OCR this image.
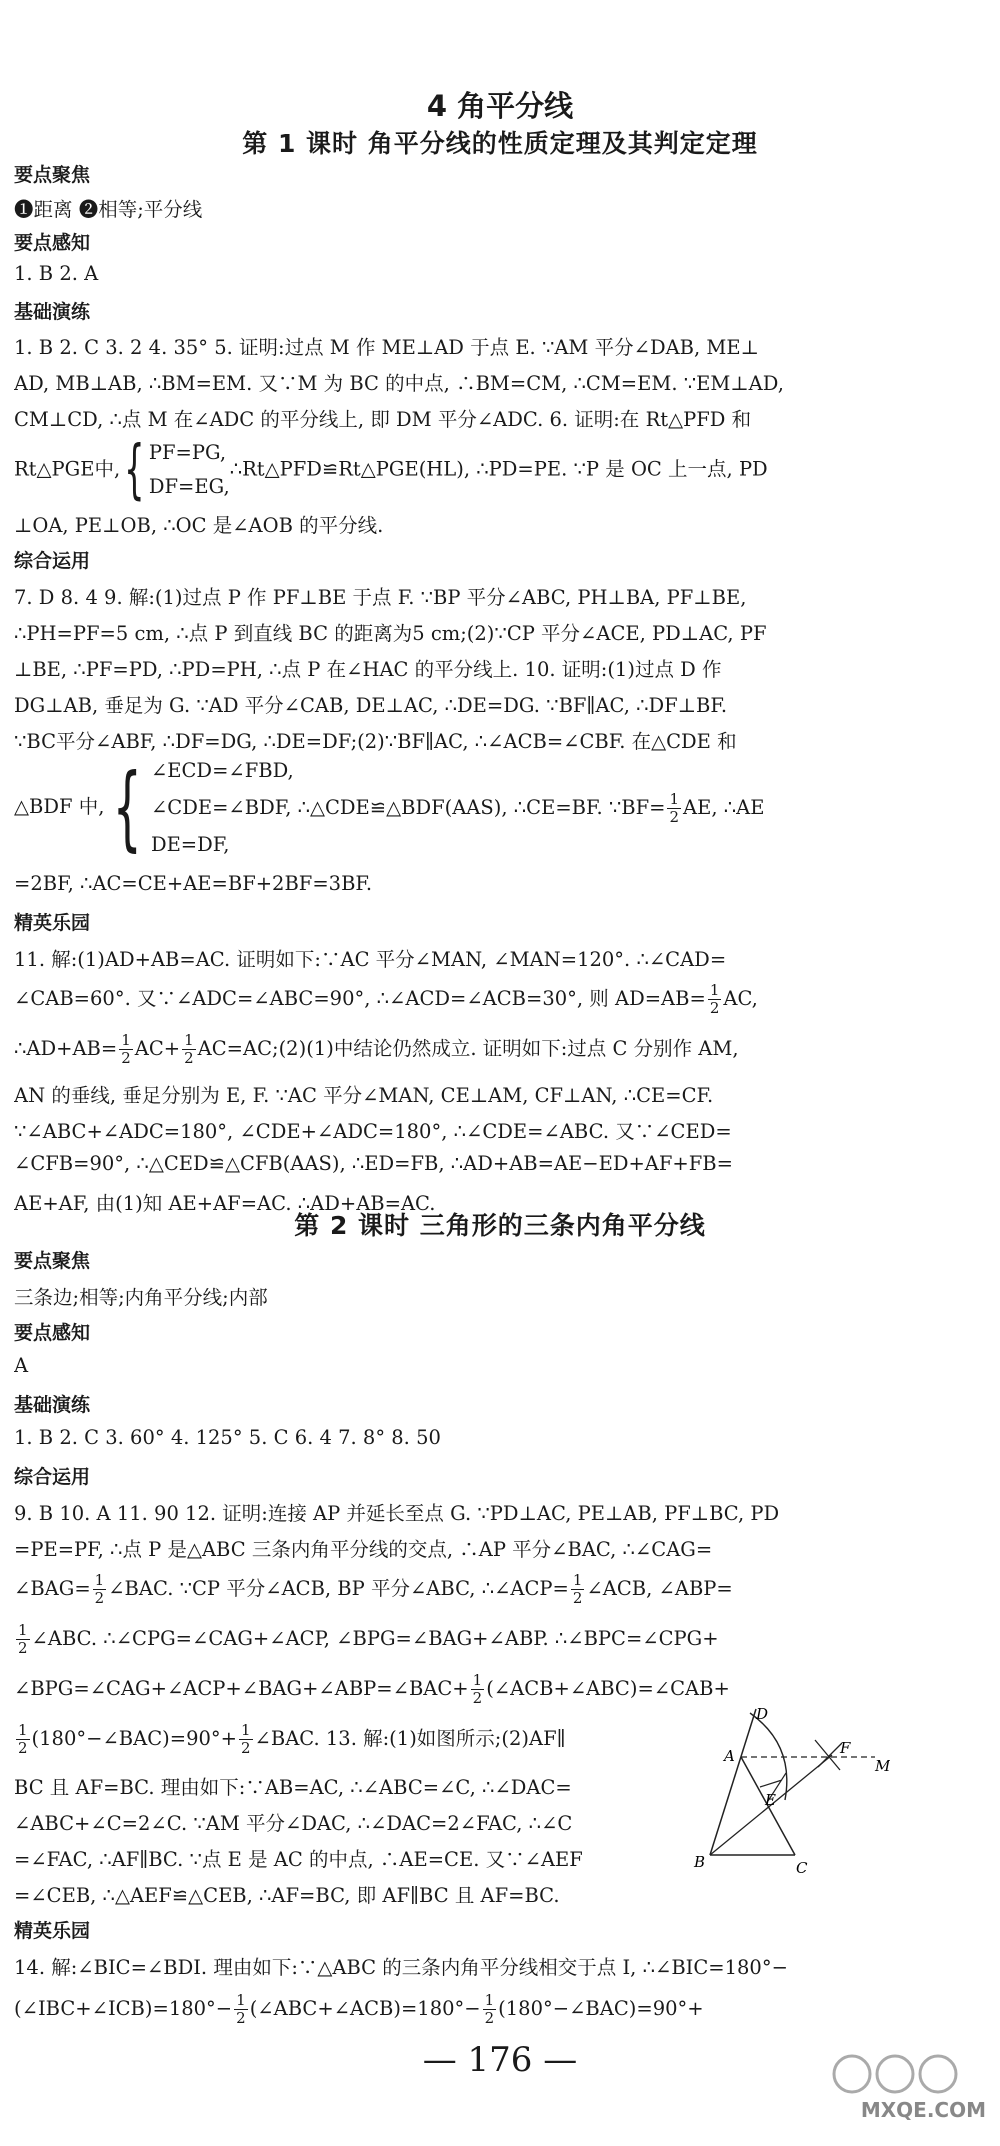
4 角平分线
第 1 课时 角平分线的性质定理及其判定定理
要点聚焦
❶距离 ❷相等;平分线
要点感知
1. B 2. A
基础演练
1. B 2. C 3. 2 4. 35° 5. 证明:过点 M 作 ME⊥AD 于点 E. ∵AM 平分∠DAB, ME⊥
AD, MB⊥AB, ∴BM=EM. 又∵M 为 BC 的中点, ∴BM=CM, ∴CM=EM. ∵EM⊥AD,
CM⊥CD, ∴点 M 在∠ADC 的平分线上, 即 DM 平分∠ADC. 6. 证明:在 Rt△PFD 和
Rt△PGE中,{ PF=PG,
DF=EG,∴Rt△PFD≌Rt△PGE(HL), ∴PD=PE. ∵P 是 OC 上一点, PD
⊥OA, PE⊥OB, ∴OC 是∠AOB 的平分线.
综合运用
7. D 8. 4 9. 解:(1)过点 P 作 PF⊥BE 于点 F. ∵BP 平分∠ABC, PH⊥BA, PF⊥BE,
∴PH=PF=5 cm, ∴点 P 到直线 BC 的距离为5 cm;(2)∵CP 平分∠ACE, PD⊥AC, PF
⊥BE, ∴PF=PD, ∴PD=PH, ∴点 P 在∠HAC 的平分线上. 10. 证明:(1)过点 D 作
DG⊥AB, 垂足为 G. ∵AD 平分∠CAB, DE⊥AC, ∴DE=DG. ∵BF∥AC, ∴DF⊥BF.
∵BC平分∠ABF, ∴DF=DG, ∴DE=DF;(2)∵BF∥AC, ∴∠ACB=∠CBF. 在△CDE 和
△BDF 中,{ ∠ECD=∠FBD,
∠CDE=∠BDF, ∴△CDE≌△BDF(AAS), ∴CE=BF. ∵BF= $\frac{1}{2}$ AE, ∴AE
DE=DF,
=2BF, ∴AC=CE+AE=BF+2BF=3BF.
精英乐园
11. 解:(1)AD+AB=AC. 证明如下:∵AC 平分∠MAN, ∠MAN=120°. ∴∠CAD=
∠CAB=60°. 又∵∠ADC=∠ABC=90°, ∴∠ACD=∠ACB=30°, 则 $AD=AB= \frac{1}{2}$ AC,
∴AD+AB= $\frac{1}{2} AC+ \frac{1}{2}$ AC=AC;(2)(1)中结论仍然成立. 证明如下:过点 C 分别作 AM,
AN 的垂线, 垂足分别为 E, F. ∵AC 平分∠MAN, CE⊥AM, CF⊥AN, ∴CE=CF.
∵∠ABC+∠ADC=180°, ∠CDE+∠ADC=180°, ∴∠CDE=∠ABC. 又∵∠CED=
∠CFB=90°, ∴△CED≌△CFB(AAS), ∴ED=FB, ∴AD+AB=AE−ED+AF+FB=
AE+AF, 由(1)知 AE+AF=AC. ∴AD+AB=AC.
第 2 课时 三角形的三条内角平分线
要点聚焦
三条边;相等;内角平分线;内部
要点感知
A
基础演练
1. B 2. C 3. 60° 4. 125° 5. C 6. 4 7. 8° 8. 50
综合运用
9. B 10. A 11. 90 12. 证明:连接 AP 并延长至点 G. ∵PD⊥AC, PE⊥AB, PF⊥BC, PD
=PE=PF, ∴点 P 是△ABC 三条内角平分线的交点, ∴AP 平分∠BAC, ∴∠CAG=
∠BAG= $\frac{1}{2}$ ∠BAC. ∵CP 平分∠ACB, BP 平分∠ABC, ∴∠ACP= $\frac{1}{2}$ ∠ACB, ∠ABP=
$\frac{1}{2}$ ∠ABC. ∴∠CPG=∠CAG+∠ACP, ∠BPG=∠BAG+∠ABP. ∴∠BPC=∠CPG+
∠BPG=∠CAG+∠ACP+∠BAG+∠ABP=∠BAC+ $\frac{1}{2}$ (∠ACB+∠ABC)=∠CAB+
$\frac{1}{2}$ (180°−∠BAC)=90°+ $\frac{1}{2}$ ∠BAC. 13. 解:(1)如图所示;(2)AF∥
BC 且 AF=BC. 理由如下:∵AB=AC, ∴∠ABC=∠C, ∴∠DAC=
∠ABC+∠C=2∠C. ∵AM 平分∠DAC, ∴∠DAC=2∠FAC, ∴∠C
=∠FAC, ∴AF∥BC. ∵点 E 是 AC 的中点, ∴AE=CE. 又∵∠AEF
=∠CEB, ∴△AEF≌△CEB, ∴AF=BC, 即 AF∥BC 且 AF=BC.
D
A	F
M
E
B	C
精英乐园
14. 解:∠BIC=∠BDI. 理由如下:∵△ABC 的三条内角平分线相交于点 I, ∴∠BIC=180°−
(∠IBC+∠ICB)=180°− $\frac{1}{2}$ (∠ABC+∠ACB)=180°− $\frac{1}{2}$ (180°−∠BAC)=90°+
— 176 —
MXQE.COM
